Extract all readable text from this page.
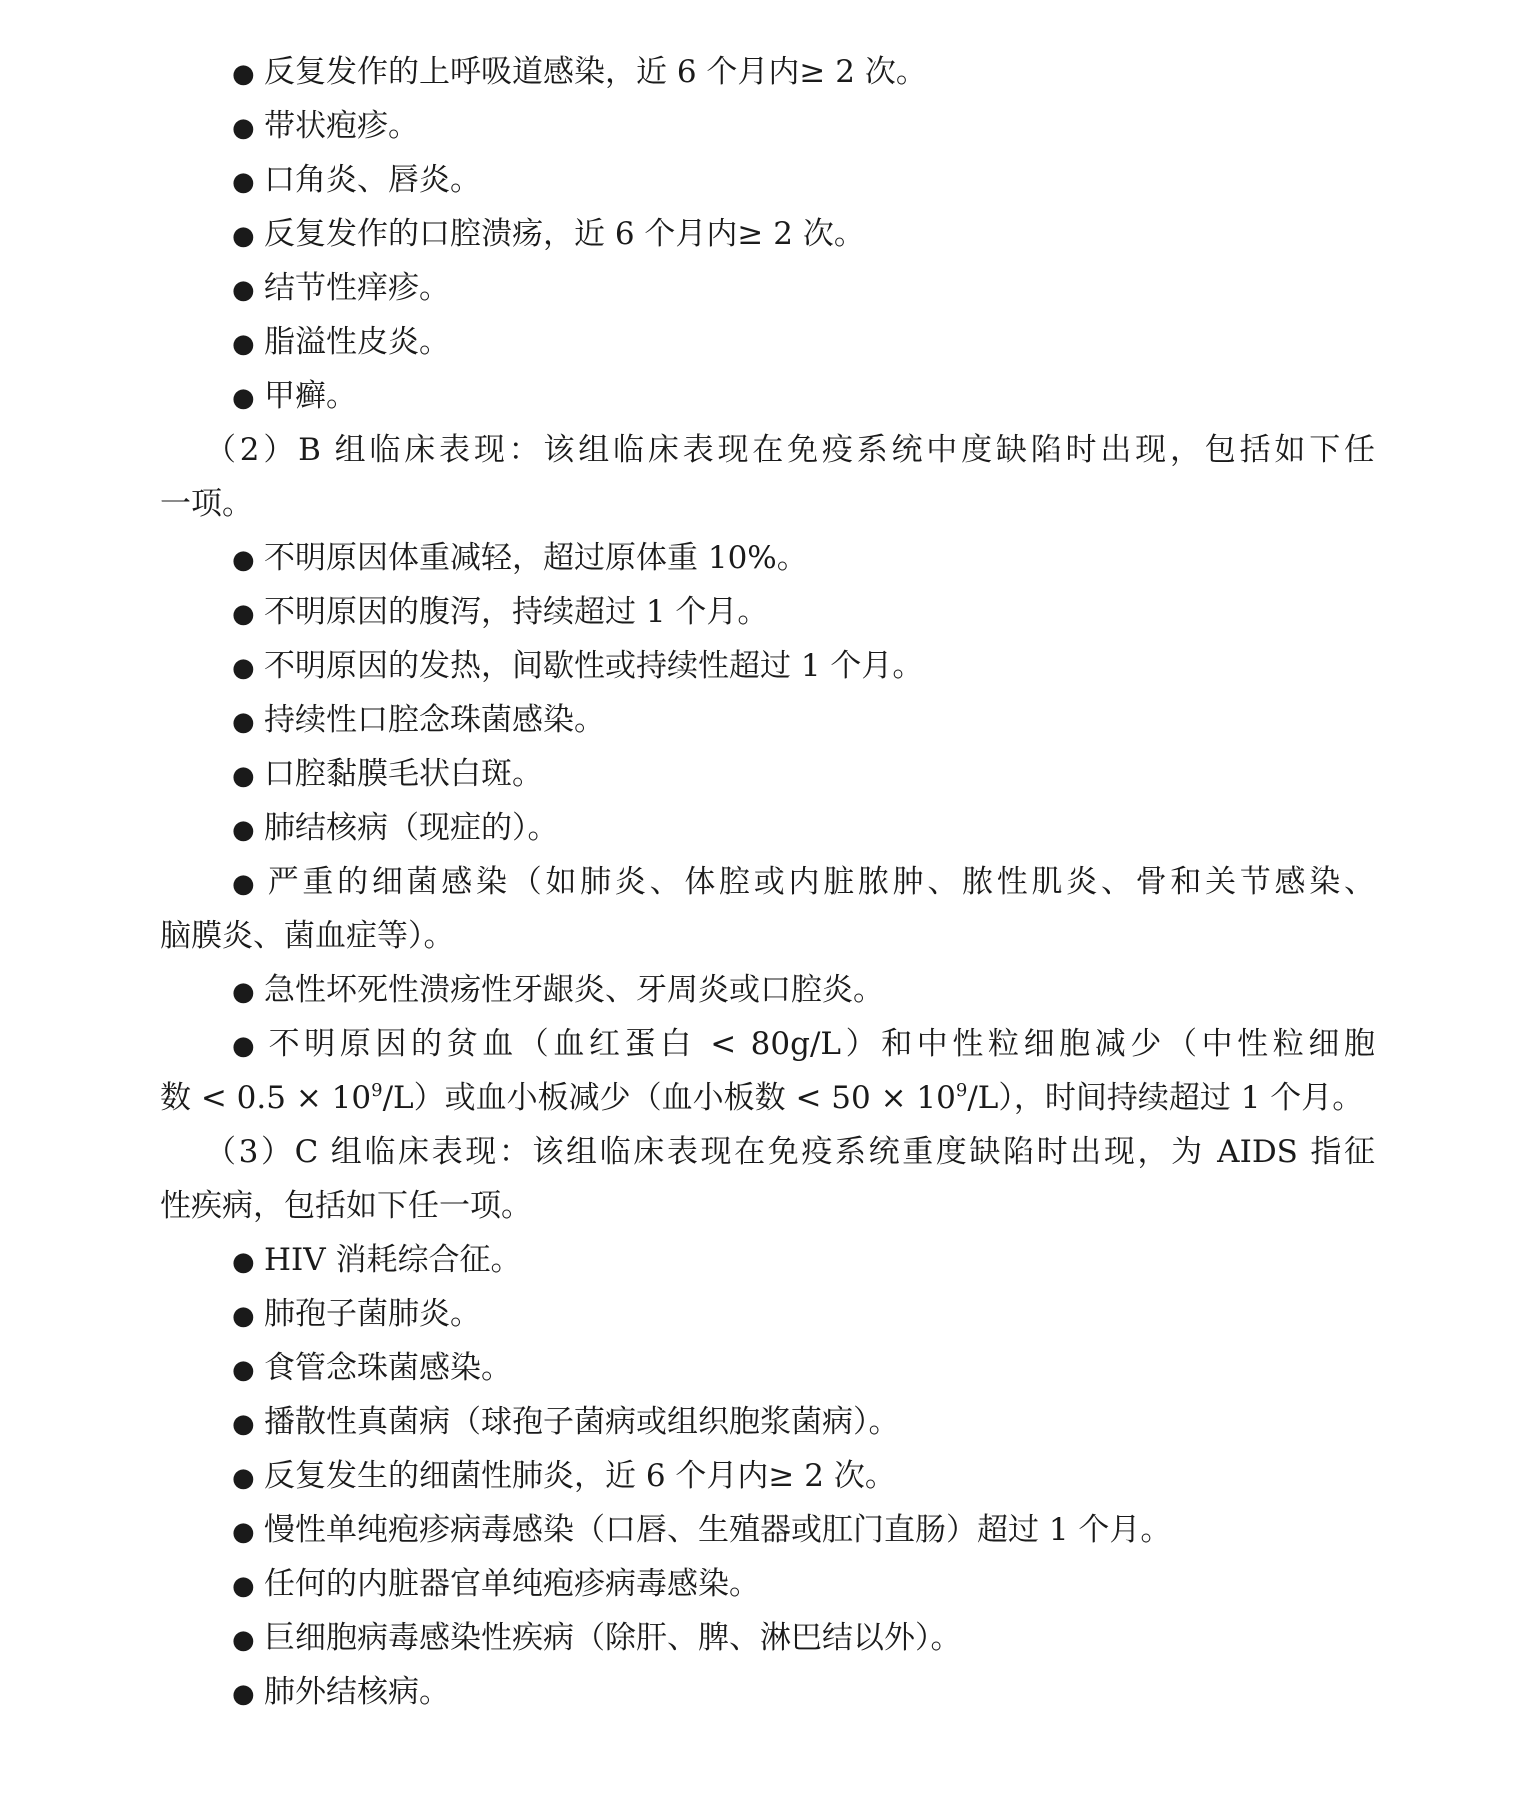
● 反复发作的上呼吸道感染，近 6 个月内≥ 2 次。
● 带状疱疹。
● 口角炎、唇炎。
● 反复发作的口腔溃疡，近 6 个月内≥ 2 次。
● 结节性痒疹。
● 脂溢性皮炎。
● 甲癣。
（2）B 组临床表现：该组临床表现在免疫系统中度缺陷时出现，包括如下任
一项。
● 不明原因体重减轻，超过原体重 10%。
● 不明原因的腹泻，持续超过 1 个月。
● 不明原因的发热，间歇性或持续性超过 1 个月。
● 持续性口腔念珠菌感染。
● 口腔黏膜毛状白斑。
● 肺结核病（现症的）。
● 严重的细菌感染（如肺炎、体腔或内脏脓肿、脓性肌炎、骨和关节感染、
脑膜炎、菌血症等）。
● 急性坏死性溃疡性牙龈炎、牙周炎或口腔炎。
● 不明原因的贫血（血红蛋白 < 80g/L）和中性粒细胞减少（中性粒细胞
数 < $0.5 \times 10^9/L$）或血小板减少（血小板数 < $50 \times 10^9/L$），时间持续超过 1 个月。
（3）C 组临床表现：该组临床表现在免疫系统重度缺陷时出现，为 AIDS 指征
性疾病，包括如下任一项。
● HIV 消耗综合征。
● 肺孢子菌肺炎。
● 食管念珠菌感染。
● 播散性真菌病（球孢子菌病或组织胞浆菌病）。
● 反复发生的细菌性肺炎，近 6 个月内≥ 2 次。
● 慢性单纯疱疹病毒感染（口唇、生殖器或肛门直肠）超过 1 个月。
● 任何的内脏器官单纯疱疹病毒感染。
● 巨细胞病毒感染性疾病（除肝、脾、淋巴结以外）。
● 肺外结核病。
